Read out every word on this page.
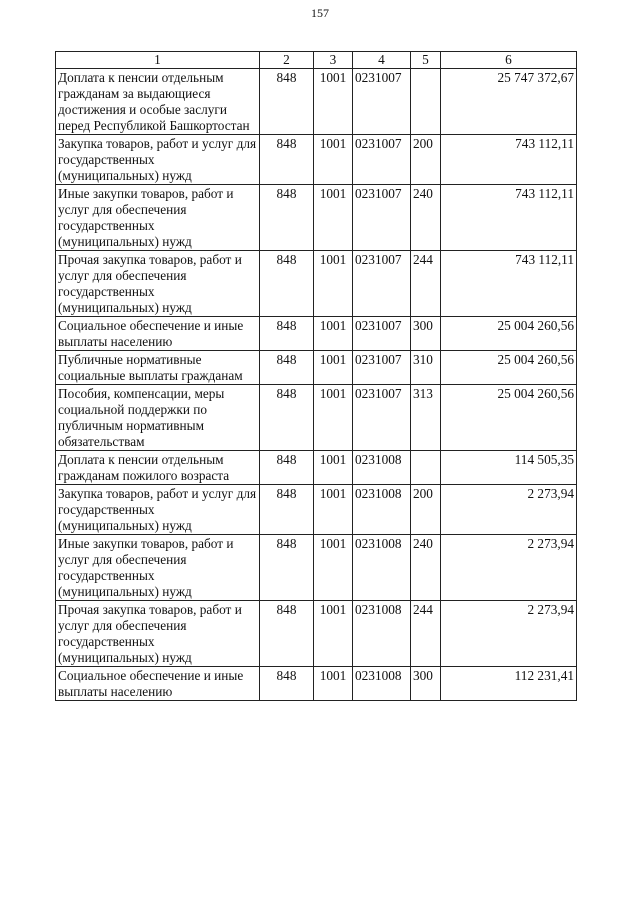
157
1	2	3	4	5	6
Доплата к пенсии отдельным гражданам за выдающиеся достижения и особые заслуги перед Республикой Башкортостан	848	1001	0231007		25 747 372,67
Закупка товаров, работ и услуг для государственных (муниципальных) нужд	848	1001	0231007	200	743 112,11
Иные закупки товаров, работ и услуг для обеспечения государственных (муниципальных) нужд	848	1001	0231007	240	743 112,11
Прочая закупка товаров, работ и услуг для обеспечения государственных (муниципальных) нужд	848	1001	0231007	244	743 112,11
Социальное обеспечение и иные выплаты населению	848	1001	0231007	300	25 004 260,56
Публичные нормативные социальные выплаты гражданам	848	1001	0231007	310	25 004 260,56
Пособия, компенсации, меры социальной поддержки по публичным нормативным обязательствам	848	1001	0231007	313	25 004 260,56
Доплата к пенсии отдельным гражданам пожилого возраста	848	1001	0231008		114 505,35
Закупка товаров, работ и услуг для государственных (муниципальных) нужд	848	1001	0231008	200	2 273,94
Иные закупки товаров, работ и услуг для обеспечения государственных (муниципальных) нужд	848	1001	0231008	240	2 273,94
Прочая закупка товаров, работ и услуг для обеспечения государственных (муниципальных) нужд	848	1001	0231008	244	2 273,94
Социальное обеспечение и иные выплаты населению	848	1001	0231008	300	112 231,41
